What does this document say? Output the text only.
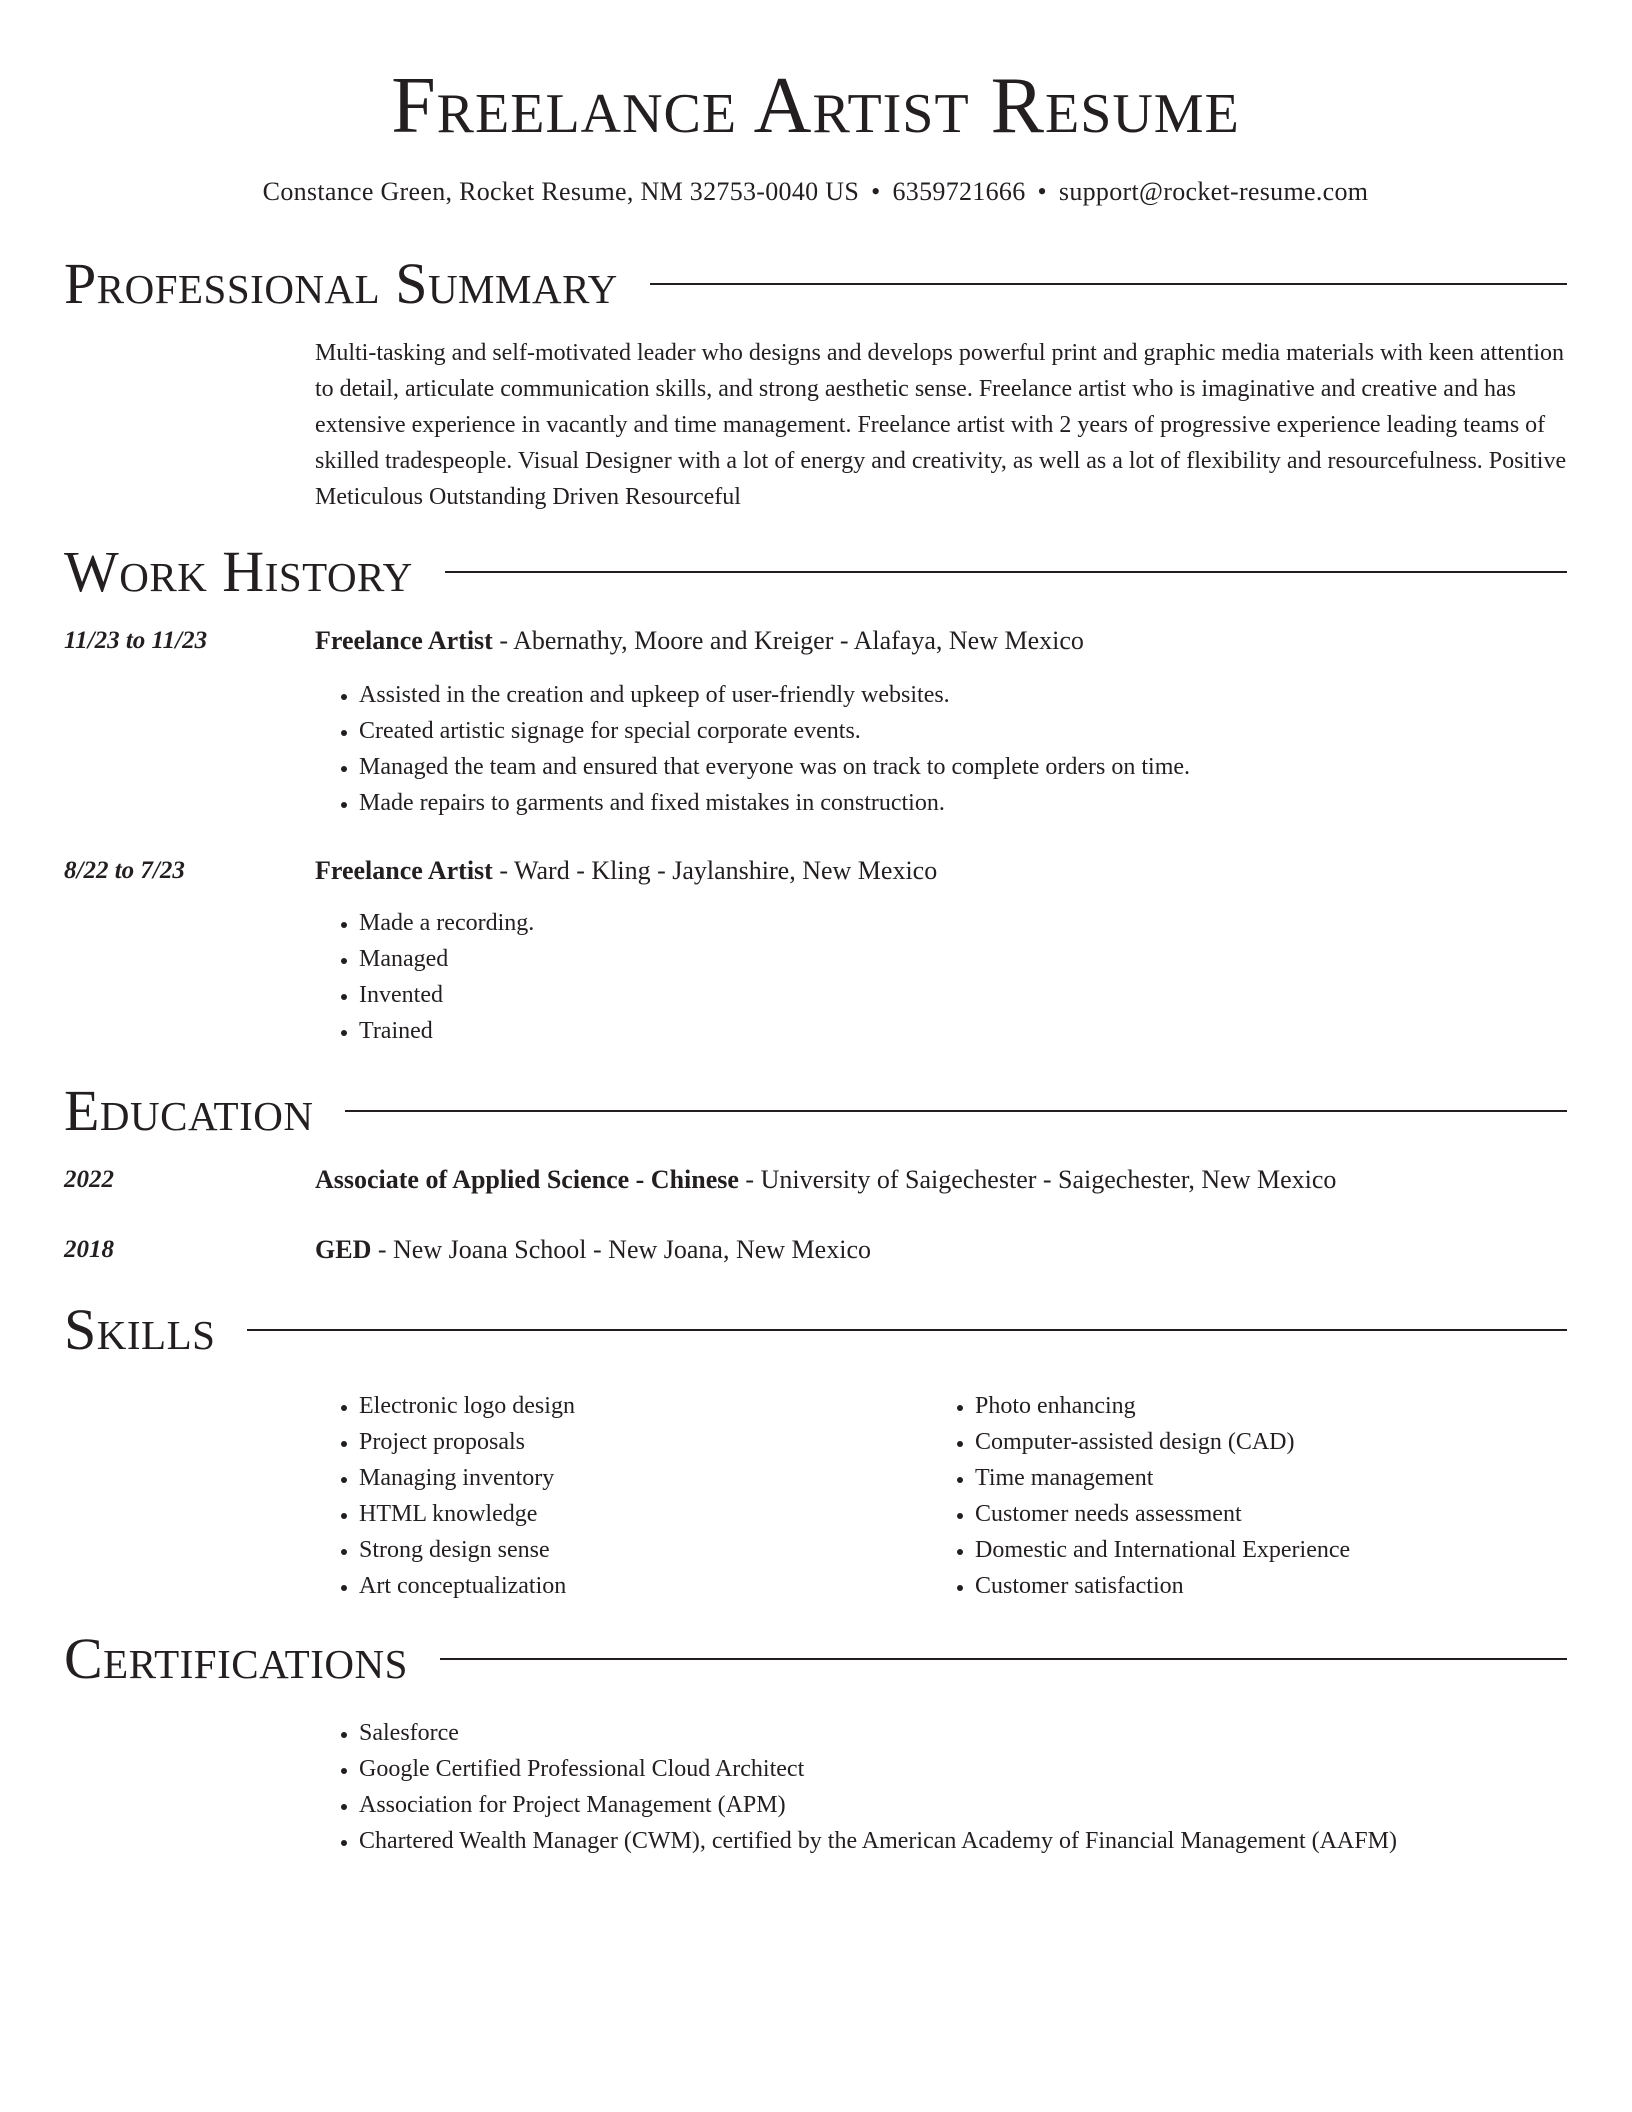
Freelance Artist Resume
Constance Green, Rocket Resume, NM 32753-0040 US • 6359721666 • support@rocket-resume.com
Professional Summary

Multi-tasking and self-motivated leader who designs and develops powerful print and graphic media materials with keen attention to detail, articulate communication skills, and strong aesthetic sense. Freelance artist who is imaginative and creative and has extensive experience in vacantly and time management. Freelance artist with 2 years of progressive experience leading teams of skilled tradespeople. Visual Designer with a lot of energy and creativity, as well as a lot of flexibility and resourcefulness. Positive Meticulous Outstanding Driven Resourceful

Work History
11/23 to 11/23	Freelance Artist - Abernathy, Moore and Kreiger - Alafaya, New Mexico
• Assisted in the creation and upkeep of user-friendly websites.
• Created artistic signage for special corporate events.
• Managed the team and ensured that everyone was on track to complete orders on time.
• Made repairs to garments and fixed mistakes in construction.
8/22 to 7/23	Freelance Artist - Ward - Kling - Jaylanshire, New Mexico
• Made a recording.
• Managed
• Invented
• Trained
Education
2022	Associate of Applied Science - Chinese - University of Saigechester - Saigechester, New Mexico
2018	GED - New Joana School - New Joana, New Mexico
Skills
• Electronic logo design
• Project proposals
• Managing inventory
• HTML knowledge
• Strong design sense
• Art conceptualization
• Photo enhancing
• Computer-assisted design (CAD)
• Time management
• Customer needs assessment
• Domestic and International Experience
• Customer satisfaction
Certifications
• Salesforce
• Google Certified Professional Cloud Architect
• Association for Project Management (APM)
• Chartered Wealth Manager (CWM), certified by the American Academy of Financial Management (AAFM)
